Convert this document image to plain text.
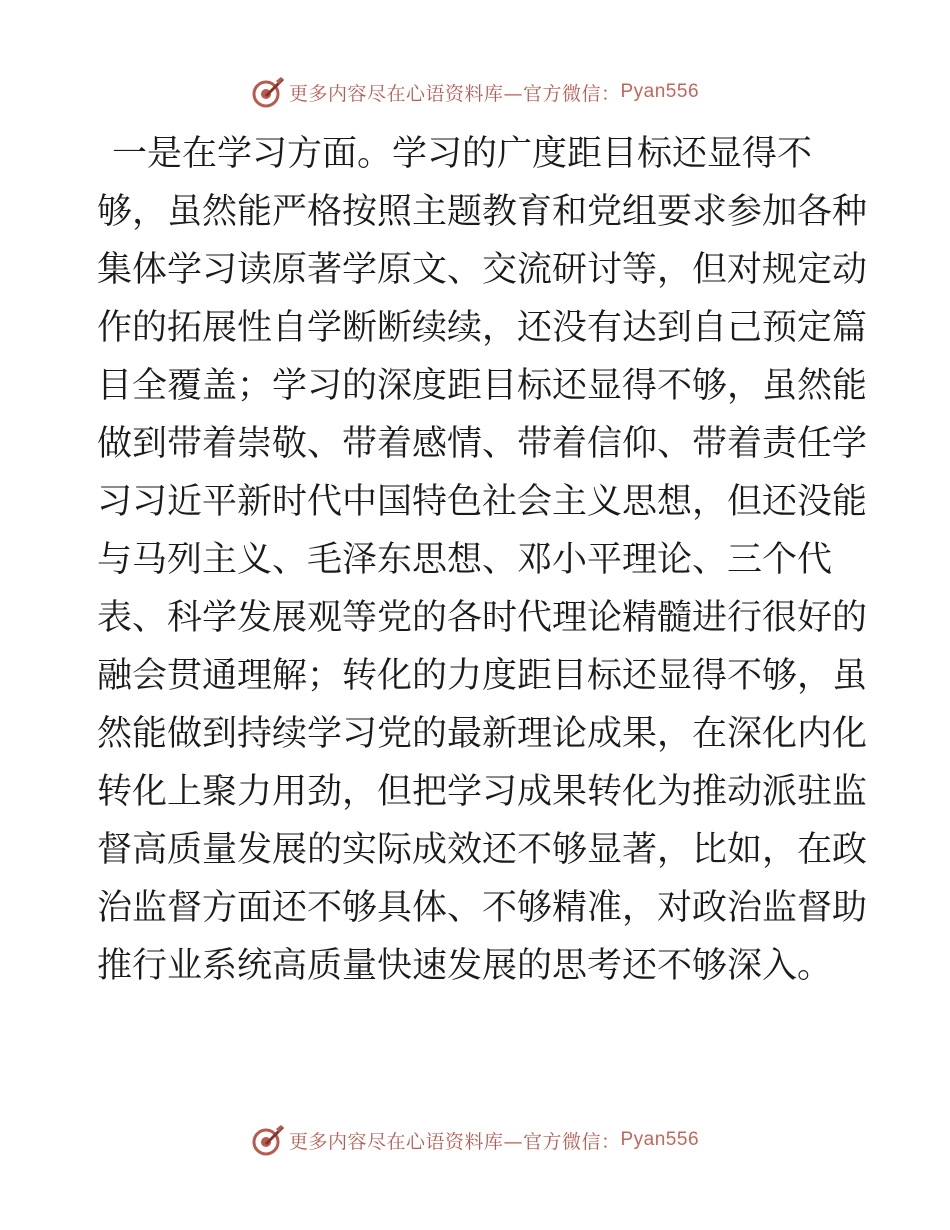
更多内容尽在心语资料库—官方微信： Pyan556
一是在学习方面。学习的广度距目标还显得不
够，虽然能严格按照主题教育和党组要求参加各种
集体学习读原著学原文、交流研讨等，但对规定动
作的拓展性自学断断续续，还没有达到自己预定篇
目全覆盖；学习的深度距目标还显得不够，虽然能
做到带着崇敬、带着感情、带着信仰、带着责任学
习习近平新时代中国特色社会主义思想，但还没能
与马列主义、毛泽东思想、邓小平理论、三个代
表、科学发展观等党的各时代理论精髓进行很好的
融会贯通理解；转化的力度距目标还显得不够，虽
然能做到持续学习党的最新理论成果，在深化内化
转化上聚力用劲，但把学习成果转化为推动派驻监
督高质量发展的实际成效还不够显著，比如，在政
治监督方面还不够具体、不够精准，对政治监督助
推行业系统高质量快速发展的思考还不够深入。
更多内容尽在心语资料库—官方微信： Pyan556
